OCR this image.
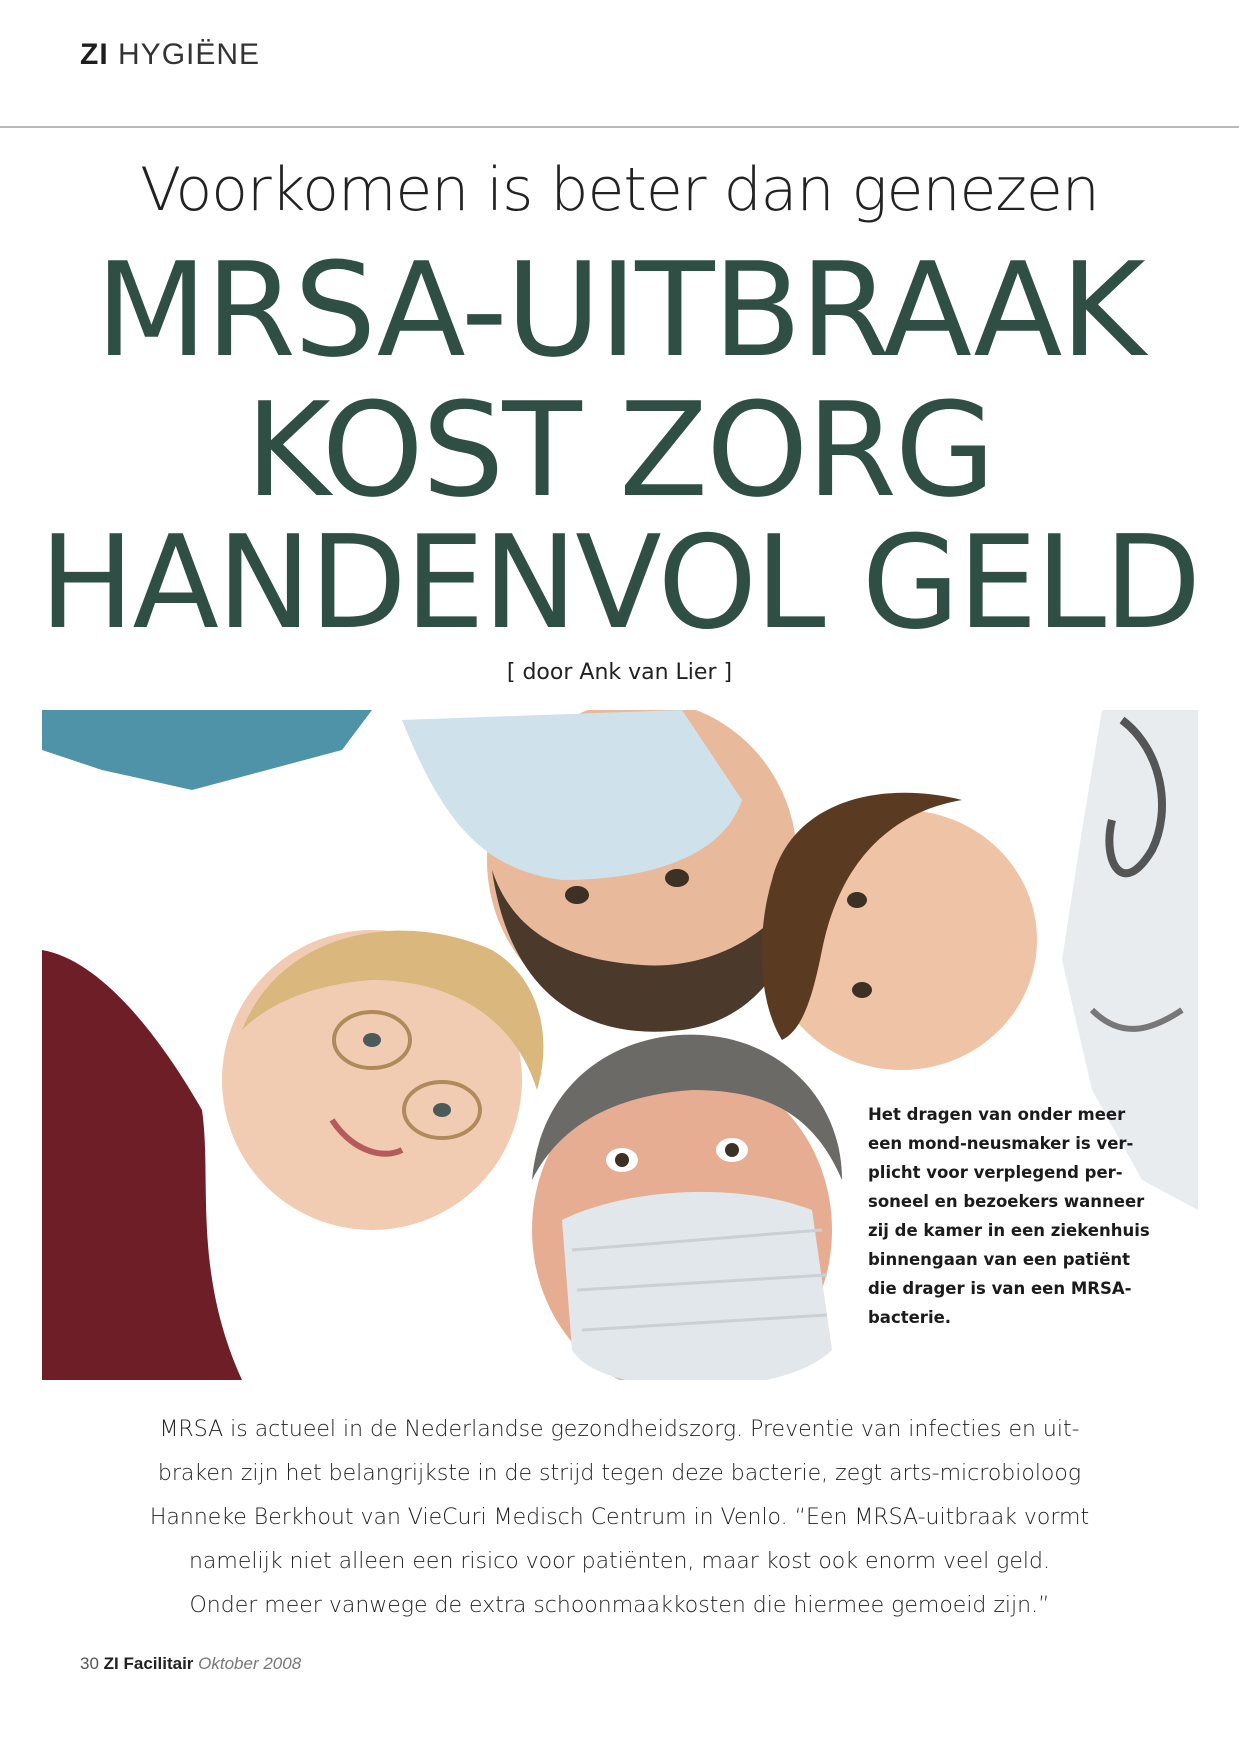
ZI HYGIËNE
Voorkomen is beter dan genezen
MRSA-UITBRAAK
KOST ZORG
HANDENVOL GELD
[ door Ank van Lier ]
Het dragen van onder meer
een mond-neusmaker is ver-
plicht voor verplegend per-
soneel en bezoekers wanneer
zij de kamer in een ziekenhuis
binnengaan van een patiënt
die drager is van een MRSA-
bacterie.
MRSA is actueel in de Nederlandse gezondheidszorg. Preventie van infecties en uit-
braken zijn het belangrijkste in de strijd tegen deze bacterie, zegt arts-microbioloog
Hanneke Berkhout van VieCuri Medisch Centrum in Venlo. “Een MRSA-uitbraak vormt
namelijk niet alleen een risico voor patiënten, maar kost ook enorm veel geld.
Onder meer vanwege de extra schoonmaakkosten die hiermee gemoeid zijn.”
30 ZI Facilitair Oktober 2008
